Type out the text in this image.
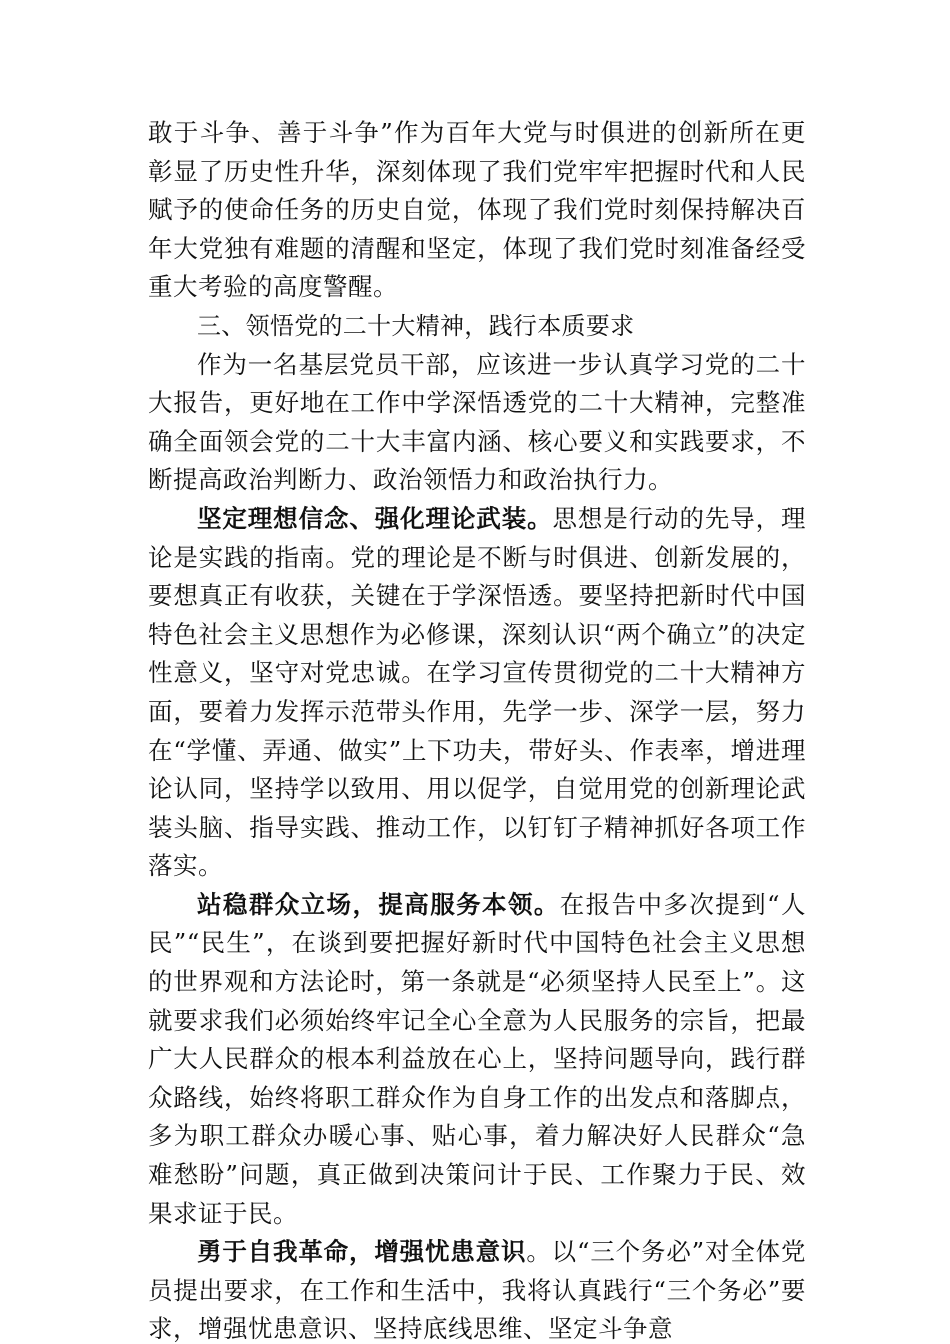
敢于斗争、善于斗争”作为百年大党与时俱进的创新所在更彰显了历史性升华，深刻体现了我们党牢牢把握时代和人民赋予的使命任务的历史自觉，体现了我们党时刻保持解决百年大党独有难题的清醒和坚定，体现了我们党时刻准备经受重大考验的高度警醒。

三、领悟党的二十大精神，践行本质要求

作为一名基层党员干部，应该进一步认真学习党的二十大报告，更好地在工作中学深悟透党的二十大精神，完整准确全面领会党的二十大丰富内涵、核心要义和实践要求，不断提高政治判断力、政治领悟力和政治执行力。

坚定理想信念、强化理论武装。思想是行动的先导，理论是实践的指南。党的理论是不断与时俱进、创新发展的，要想真正有收获，关键在于学深悟透。要坚持把新时代中国特色社会主义思想作为必修课，深刻认识“两个确立”的决定性意义，坚守对党忠诚。在学习宣传贯彻党的二十大精神方面，要着力发挥示范带头作用，先学一步、深学一层，努力在“学懂、弄通、做实”上下功夫，带好头、作表率，增进理论认同，坚持学以致用、用以促学，自觉用党的创新理论武装头脑、指导实践、推动工作，以钉钉子精神抓好各项工作落实。

站稳群众立场，提高服务本领。在报告中多次提到“人民”“民生”，在谈到要把握好新时代中国特色社会主义思想的世界观和方法论时，第一条就是“必须坚持人民至上”。这就要求我们必须始终牢记全心全意为人民服务的宗旨，把最广大人民群众的根本利益放在心上，坚持问题导向，践行群众路线，始终将职工群众作为自身工作的出发点和落脚点，多为职工群众办暖心事、贴心事，着力解决好人民群众“急难愁盼”问题，真正做到决策问计于民、工作聚力于民、效果求证于民。

勇于自我革命，增强忧患意识。以“三个务必”对全体党员提出要求，在工作和生活中，我将认真践行“三个务必”要求，增强忧患意识、坚持底线思维、坚定斗争意
